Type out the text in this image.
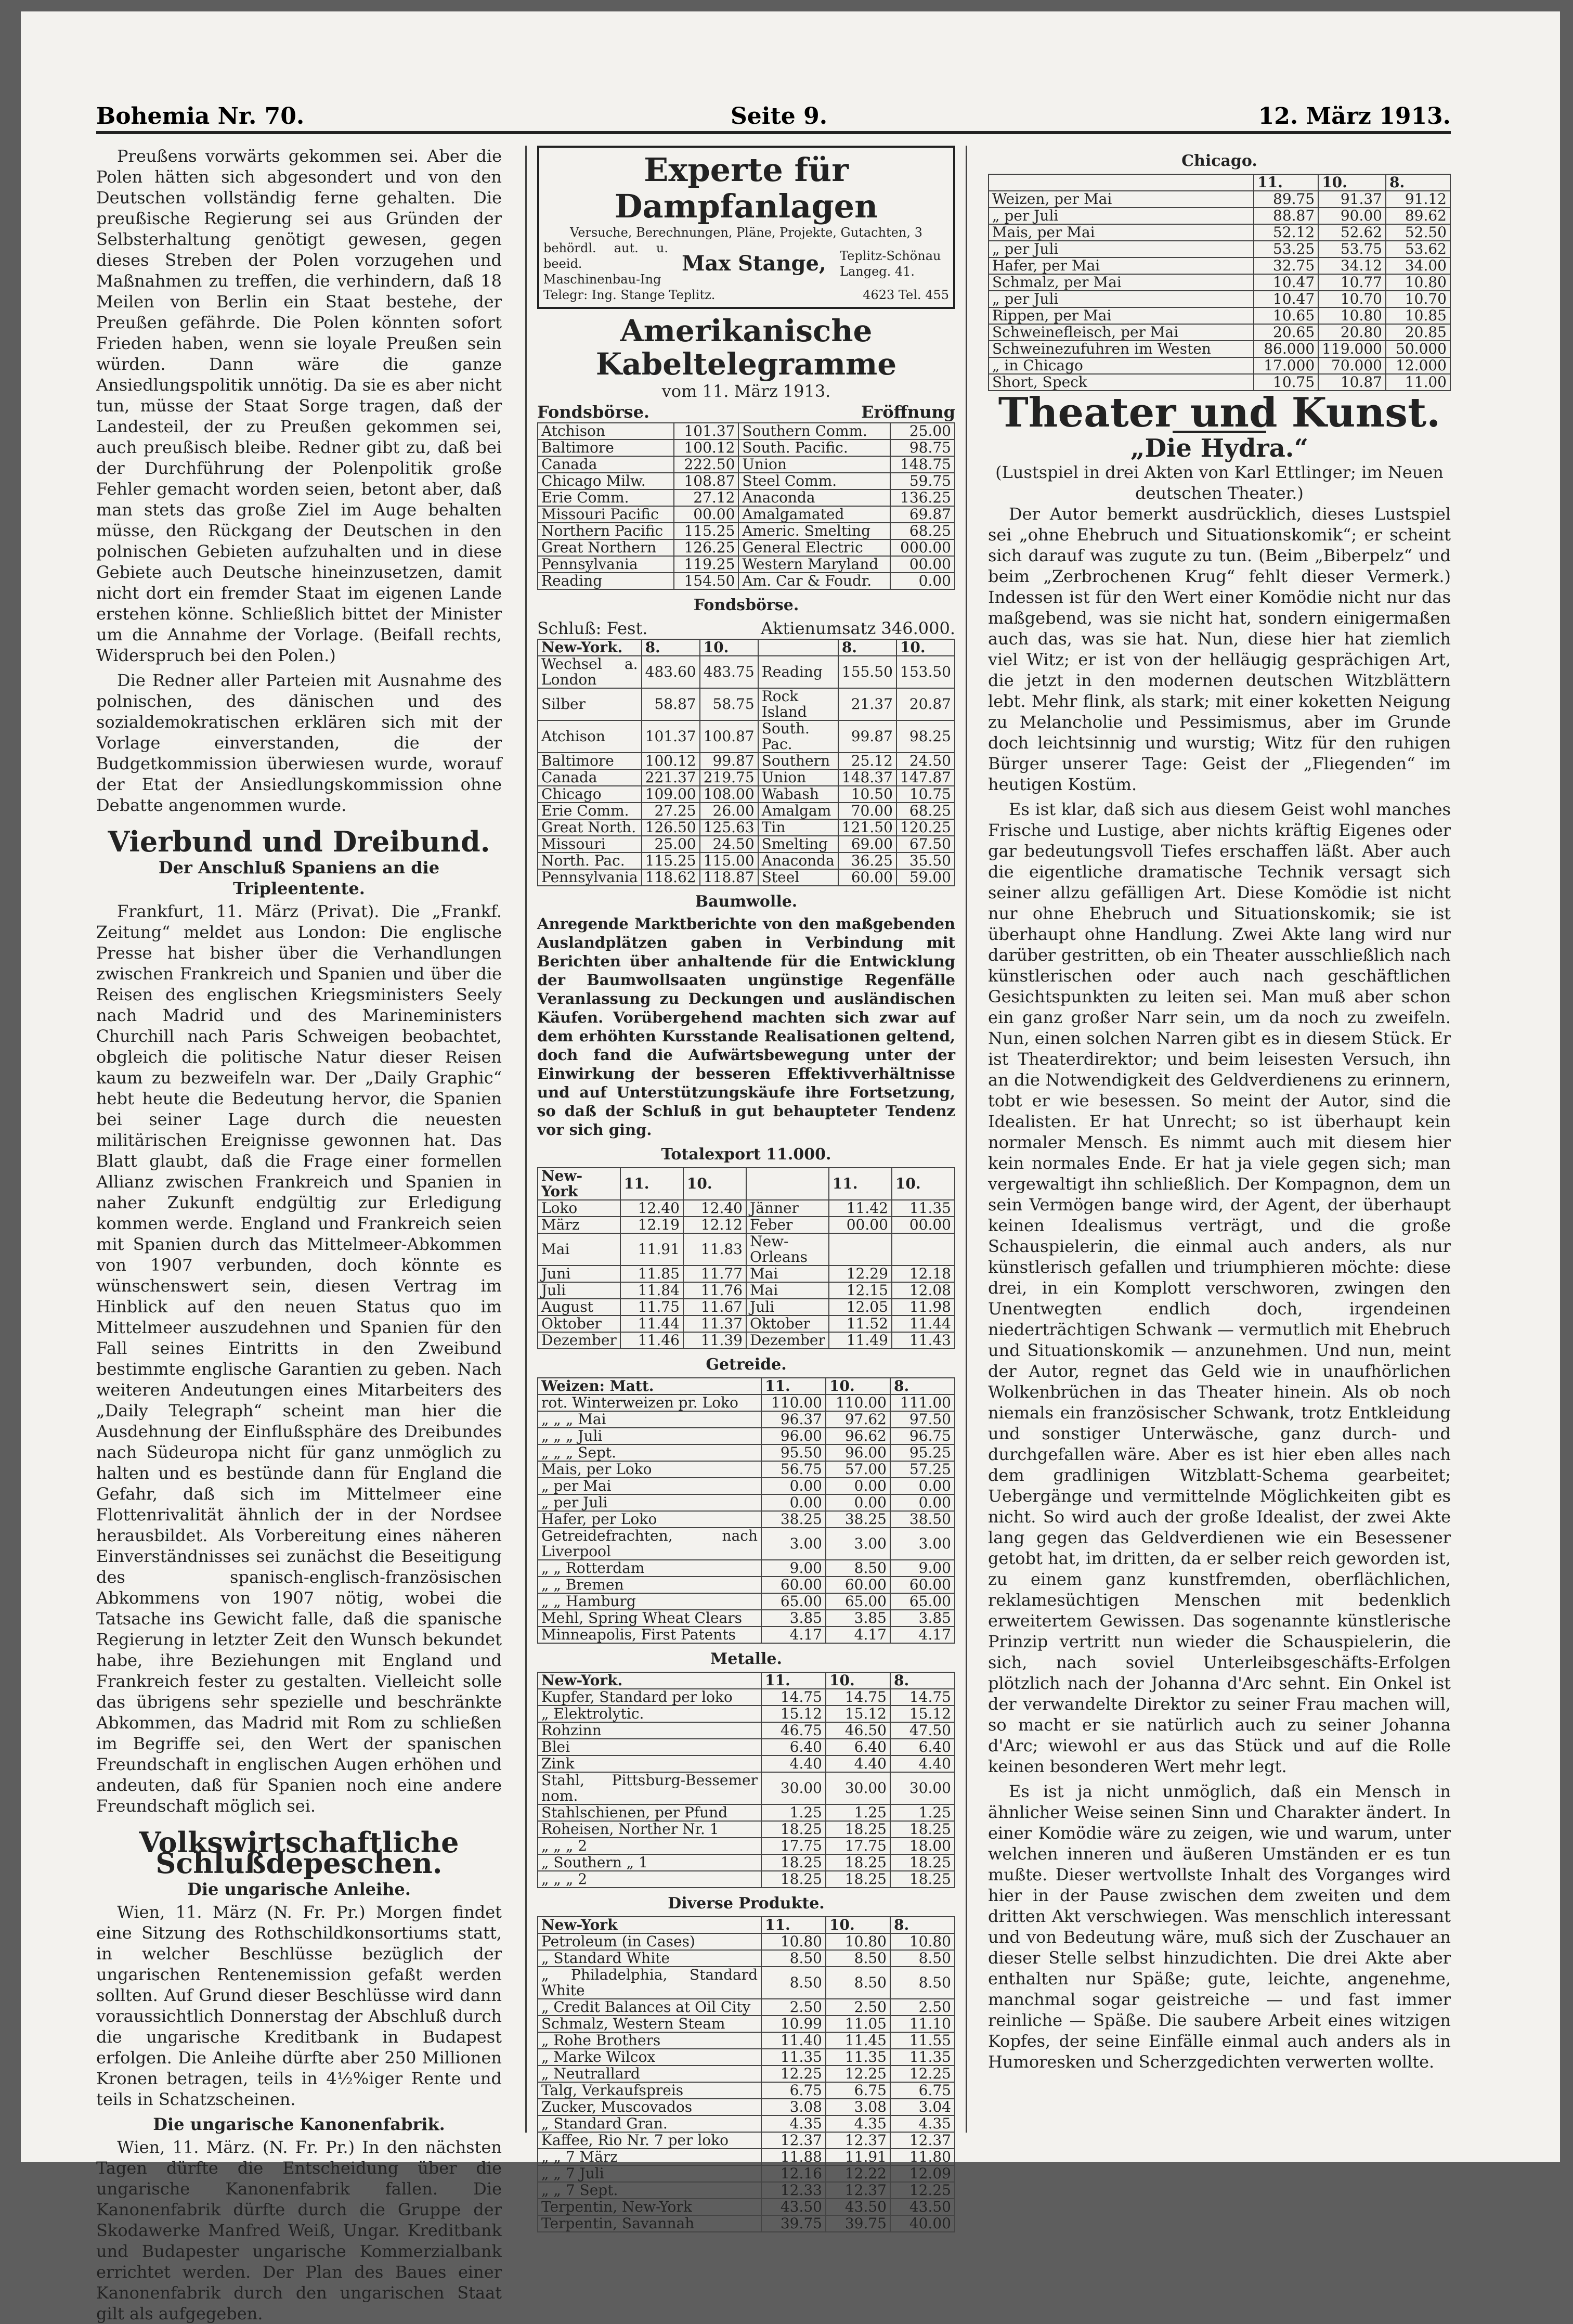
Bohemia Nr. 70.	Seite 9.	12. März 1913.

Preußens vorwärts gekommen sei. Aber die Polen hätten sich abgesondert und von den Deutschen vollständig ferne gehalten. Die preußische Regierung sei aus Gründen der Selbsterhaltung genötigt gewesen, gegen dieses Streben der Polen vorzugehen und Maßnahmen zu treffen, die verhindern, daß 18 Meilen von Berlin ein Staat bestehe, der Preußen gefährde. Die Polen könnten sofort Frieden haben, wenn sie loyale Preußen sein würden. Dann wäre die ganze Ansiedlungspolitik unnötig. Da sie es aber nicht tun, müsse der Staat Sorge tragen, daß der Landesteil, der zu Preußen gekommen sei, auch preußisch bleibe. Redner gibt zu, daß bei der Durchführung der Polenpolitik große Fehler gemacht worden seien, betont aber, daß man stets das große Ziel im Auge behalten müsse, den Rückgang der Deutschen in den polnischen Gebieten aufzuhalten und in diese Gebiete auch Deutsche hineinzusetzen, damit nicht dort ein fremder Staat im eigenen Lande erstehen könne. Schließlich bittet der Minister um die Annahme der Vorlage. (Beifall rechts, Widerspruch bei den Polen.)

Die Redner aller Parteien mit Ausnahme des polnischen, des dänischen und des sozialdemokratischen erklären sich mit der Vorlage einverstanden, die der Budgetkommission überwiesen wurde, worauf der Etat der Ansiedlungskommission ohne Debatte angenommen wurde.

Vierbund und Dreibund.
Der Anschluß Spaniens an die Tripleentente.

Frankfurt, 11. März (Privat). Die „Frankf. Zeitung“ meldet aus London: Die englische Presse hat bisher über die Verhandlungen zwischen Frankreich und Spanien und über die Reisen des englischen Kriegsministers Seely nach Madrid und des Marineministers Churchill nach Paris Schweigen beobachtet, obgleich die politische Natur dieser Reisen kaum zu bezweifeln war. Der „Daily Graphic“ hebt heute die Bedeutung hervor, die Spanien bei seiner Lage durch die neuesten militärischen Ereignisse gewonnen hat. Das Blatt glaubt, daß die Frage einer formellen Allianz zwischen Frankreich und Spanien in naher Zukunft endgültig zur Erledigung kommen werde. England und Frankreich seien mit Spanien durch das Mittelmeer-Abkommen von 1907 verbunden, doch könnte es wünschenswert sein, diesen Vertrag im Hinblick auf den neuen Status quo im Mittelmeer auszudehnen und Spanien für den Fall seines Eintritts in den Zweibund bestimmte englische Garantien zu geben. Nach weiteren Andeutungen eines Mitarbeiters des „Daily Telegraph“ scheint man hier die Ausdehnung der Einflußsphäre des Dreibundes nach Südeuropa nicht für ganz unmöglich zu halten und es bestünde dann für England die Gefahr, daß sich im Mittelmeer eine Flottenrivalität ähnlich der in der Nordsee herausbildet. Als Vorbereitung eines näheren Einverständnisses sei zunächst die Beseitigung des spanisch-englisch-französischen Abkommens von 1907 nötig, wobei die Tatsache ins Gewicht falle, daß die spanische Regierung in letzter Zeit den Wunsch bekundet habe, ihre Beziehungen mit England und Frankreich fester zu gestalten. Vielleicht solle das übrigens sehr spezielle und beschränkte Abkommen, das Madrid mit Rom zu schließen im Begriffe sei, den Wert der spanischen Freundschaft in englischen Augen erhöhen und andeuten, daß für Spanien noch eine andere Freundschaft möglich sei.

Volkswirtschaftliche Schlußdepeschen.
Die ungarische Anleihe.

Wien, 11. März (N. Fr. Pr.) Morgen findet eine Sitzung des Rothschildkonsortiums statt, in welcher Beschlüsse bezüglich der ungarischen Rentenemission gefaßt werden sollten. Auf Grund dieser Beschlüsse wird dann voraussichtlich Donnerstag der Abschluß durch die ungarische Kreditbank in Budapest erfolgen. Die Anleihe dürfte aber 250 Millionen Kronen betragen, teils in 4½%iger Rente und teils in Schatzscheinen.

Die ungarische Kanonenfabrik.

Wien, 11. März. (N. Fr. Pr.) In den nächsten Tagen dürfte die Entscheidung über die ungarische Kanonenfabrik fallen. Die Kanonenfabrik dürfte durch die Gruppe der Skodawerke Manfred Weiß, Ungar. Kreditbank und Budapester ungarische Kommerzialbank errichtet werden. Der Plan des Baues einer Kanonenfabrik durch den ungarischen Staat gilt als aufgegeben.

Experte für Dampfanlagen
Versuche, Berechnungen, Pläne, Projekte, Gutachten, 3
behördl. aut. u. beeid. Maschinenbau-Ing
Max Stange, Teplitz-Schönau Langeg. 41.
Telegr: Ing. Stange Teplitz.	4623 Tel. 455
Amerikanische Kabeltelegramme
vom 11. März 1913.
Fondsbörse.	Eröffnung
Atchison	101.37	Southern Comm.	25.00
Baltimore	100.12	South. Pacific.	98.75
Canada	222.50	Union	148.75
Chicago Milw.	108.87	Steel Comm.	59.75
Erie Comm.	27.12	Anaconda	136.25
Missouri Pacific	00.00	Amalgamated	69.87
Northern Pacific	115.25	Americ. Smelting	68.25
Great Northern	126.25	General Electric	000.00
Pennsylvania	119.25	Western Maryland	00.00
Reading	154.50	Am. Car & Foudr.	0.00
Fondsbörse.
Schluß: Fest.	Aktienumsatz 346.000.
New-York.	8.	10.		8.	10.
Wechsel a. London	483.60	483.75	Reading	155.50	153.50
Silber	58.87	58.75	Rock Island	21.37	20.87
Atchison	101.37	100.87	South. Pac.	99.87	98.25
Baltimore	100.12	99.87	Southern	25.12	24.50
Canada	221.37	219.75	Union	148.37	147.87
Chicago	109.00	108.00	Wabash	10.50	10.75
Erie Comm.	27.25	26.00	Amalgam	70.00	68.25
Great North.	126.50	125.63	Tin	121.50	120.25
Missouri	25.00	24.50	Smelting	69.00	67.50
North. Pac.	115.25	115.00	Anaconda	36.25	35.50
Pennsylvania	118.62	118.87	Steel	60.00	59.00
Baumwolle.
Anregende Marktberichte von den maßgebenden Auslandplätzen gaben in Verbindung mit Berichten über anhaltende für die Entwicklung der Baumwollsaaten ungünstige Regenfälle Veranlassung zu Deckungen und ausländischen Käufen. Vorübergehend machten sich zwar auf dem erhöhten Kursstande Realisationen geltend, doch fand die Aufwärtsbewegung unter der Einwirkung der besseren Effektivverhältnisse und auf Unterstützungskäufe ihre Fortsetzung, so daß der Schluß in gut behaupteter Tendenz vor sich ging.
Totalexport 11.000.
New-York	11.	10.		11.	10.
Loko	12.40	12.40	Jänner	11.42	11.35
März	12.19	12.12	Feber	00.00	00.00
Mai	11.91	11.83	New-Orleans		
Juni	11.85	11.77	Mai	12.29	12.18
Juli	11.84	11.76	Mai	12.15	12.08
August	11.75	11.67	Juli	12.05	11.98
Oktober	11.44	11.37	Oktober	11.52	11.44
Dezember	11.46	11.39	Dezember	11.49	11.43
Getreide.
Weizen: Matt.	11.	10.	8.
rot. Winterweizen pr. Loko	110.00	110.00	111.00
„ „ „ Mai	96.37	97.62	97.50
„ „ „ Juli	96.00	96.62	96.75
„ „ „ Sept.	95.50	96.00	95.25
Mais, per Loko	56.75	57.00	57.25
„ per Mai	0.00	0.00	0.00
„ per Juli	0.00	0.00	0.00
Hafer, per Loko	38.25	38.25	38.50
Getreidefrachten, nach Liverpool	3.00	3.00	3.00
„ „ Rotterdam	9.00	8.50	9.00
„ „ Bremen	60.00	60.00	60.00
„ „ Hamburg	65.00	65.00	65.00
Mehl, Spring Wheat Clears	3.85	3.85	3.85
Minneapolis, First Patents	4.17	4.17	4.17
Metalle.
New-York.	11.	10.	8.
Kupfer, Standard per loko	14.75	14.75	14.75
„ Elektrolytic.	15.12	15.12	15.12
Rohzinn	46.75	46.50	47.50
Blei	6.40	6.40	6.40
Zink	4.40	4.40	4.40
Stahl, Pittsburg-Bessemer nom.	30.00	30.00	30.00
Stahlschienen, per Pfund	1.25	1.25	1.25
Roheisen, Norther Nr. 1	18.25	18.25	18.25
„ „ „ 2	17.75	17.75	18.00
„ Southern „ 1	18.25	18.25	18.25
„ „ „ 2	18.25	18.25	18.25
Diverse Produkte.
New-York	11.	10.	8.
Petroleum (in Cases)	10.80	10.80	10.80
„ Standard White	8.50	8.50	8.50
„ Philadelphia, Standard White	8.50	8.50	8.50
„ Credit Balances at Oil City	2.50	2.50	2.50
Schmalz, Western Steam	10.99	11.05	11.10
„ Rohe Brothers	11.40	11.45	11.55
„ Marke Wilcox	11.35	11.35	11.35
„ Neutrallard	12.25	12.25	12.25
Talg, Verkaufspreis	6.75	6.75	6.75
Zucker, Muscovados	3.08	3.08	3.04
„ Standard Gran.	4.35	4.35	4.35
Kaffee, Rio Nr. 7 per loko	12.37	12.37	12.37
„ „ 7 März	11.88	11.91	11.80
„ „ 7 Juli	12.16	12.22	12.09
„ „ 7 Sept.	12.33	12.37	12.25
Terpentin, New-York	43.50	43.50	43.50
Terpentin, Savannah	39.75	39.75	40.00
Chicago.
	11.	10.	8.
Weizen, per Mai	89.75	91.37	91.12
„ per Juli	88.87	90.00	89.62
Mais, per Mai	52.12	52.62	52.50
„ per Juli	53.25	53.75	53.62
Hafer, per Mai	32.75	34.12	34.00
Schmalz, per Mai	10.47	10.77	10.80
„ per Juli	10.47	10.70	10.70
Rippen, per Mai	10.65	10.80	10.85
Schweinefleisch, per Mai	20.65	20.80	20.85
Schweinezufuhren im Westen	86.000	119.000	50.000
„ in Chicago	17.000	70.000	12.000
Short, Speck	10.75	10.87	11.00
Theater und Kunst.
„Die Hydra.“
(Lustspiel in drei Akten von Karl Ettlinger; im Neuen deutschen Theater.)

Der Autor bemerkt ausdrücklich, dieses Lustspiel sei „ohne Ehebruch und Situationskomik“; er scheint sich darauf was zugute zu tun. (Beim „Biberpelz“ und beim „Zerbrochenen Krug“ fehlt dieser Vermerk.) Indessen ist für den Wert einer Komödie nicht nur das maßgebend, was sie nicht hat, sondern einigermaßen auch das, was sie hat. Nun, diese hier hat ziemlich viel Witz; er ist von der helläugig gesprächigen Art, die jetzt in den modernen deutschen Witzblättern lebt. Mehr flink, als stark; mit einer koketten Neigung zu Melancholie und Pessimismus, aber im Grunde doch leichtsinnig und wurstig; Witz für den ruhigen Bürger unserer Tage: Geist der „Fliegenden“ im heutigen Kostüm.

Es ist klar, daß sich aus diesem Geist wohl manches Frische und Lustige, aber nichts kräftig Eigenes oder gar bedeutungsvoll Tiefes erschaffen läßt. Aber auch die eigentliche dramatische Technik versagt sich seiner allzu gefälligen Art. Diese Komödie ist nicht nur ohne Ehebruch und Situationskomik; sie ist überhaupt ohne Handlung. Zwei Akte lang wird nur darüber gestritten, ob ein Theater ausschließlich nach künstlerischen oder auch nach geschäftlichen Gesichtspunkten zu leiten sei. Man muß aber schon ein ganz großer Narr sein, um da noch zu zweifeln. Nun, einen solchen Narren gibt es in diesem Stück. Er ist Theaterdirektor; und beim leisesten Versuch, ihn an die Notwendigkeit des Geldverdienens zu erinnern, tobt er wie besessen. So meint der Autor, sind die Idealisten. Er hat Unrecht; so ist überhaupt kein normaler Mensch. Es nimmt auch mit diesem hier kein normales Ende. Er hat ja viele gegen sich; man vergewaltigt ihn schließlich. Der Kompagnon, dem un sein Vermögen bange wird, der Agent, der überhaupt keinen Idealismus verträgt, und die große Schauspielerin, die einmal auch anders, als nur künstlerisch gefallen und triumphieren möchte: diese drei, in ein Komplott verschworen, zwingen den Unentwegten endlich doch, irgendeinen niederträchtigen Schwank — vermutlich mit Ehebruch und Situationskomik — anzunehmen. Und nun, meint der Autor, regnet das Geld wie in unaufhörlichen Wolkenbrüchen in das Theater hinein. Als ob noch niemals ein französischer Schwank, trotz Entkleidung und sonstiger Unterwäsche, ganz durch- und durchgefallen wäre. Aber es ist hier eben alles nach dem gradlinigen Witzblatt-Schema gearbeitet; Uebergänge und vermittelnde Möglichkeiten gibt es nicht. So wird auch der große Idealist, der zwei Akte lang gegen das Geldverdienen wie ein Besessener getobt hat, im dritten, da er selber reich geworden ist, zu einem ganz kunstfremden, oberflächlichen, reklamesüchtigen Menschen mit bedenklich erweitertem Gewissen. Das sogenannte künstlerische Prinzip vertritt nun wieder die Schauspielerin, die sich, nach soviel Unterleibsgeschäfts-Erfolgen plötzlich nach der Johanna d'Arc sehnt. Ein Onkel ist der verwandelte Direktor zu seiner Frau machen will, so macht er sie natürlich auch zu seiner Johanna d'Arc; wiewohl er aus das Stück und auf die Rolle keinen besonderen Wert mehr legt.

Es ist ja nicht unmöglich, daß ein Mensch in ähnlicher Weise seinen Sinn und Charakter ändert. In einer Komödie wäre zu zeigen, wie und warum, unter welchen inneren und äußeren Umständen er es tun mußte. Dieser wertvollste Inhalt des Vorganges wird hier in der Pause zwischen dem zweiten und dem dritten Akt verschwiegen. Was menschlich interessant und von Bedeutung wäre, muß sich der Zuschauer an dieser Stelle selbst hinzudichten. Die drei Akte aber enthalten nur Späße; gute, leichte, angenehme, manchmal sogar geistreiche — und fast immer reinliche — Späße. Die saubere Arbeit eines witzigen Kopfes, der seine Einfälle einmal auch anders als in Humoresken und Scherzgedichten verwerten wollte.
